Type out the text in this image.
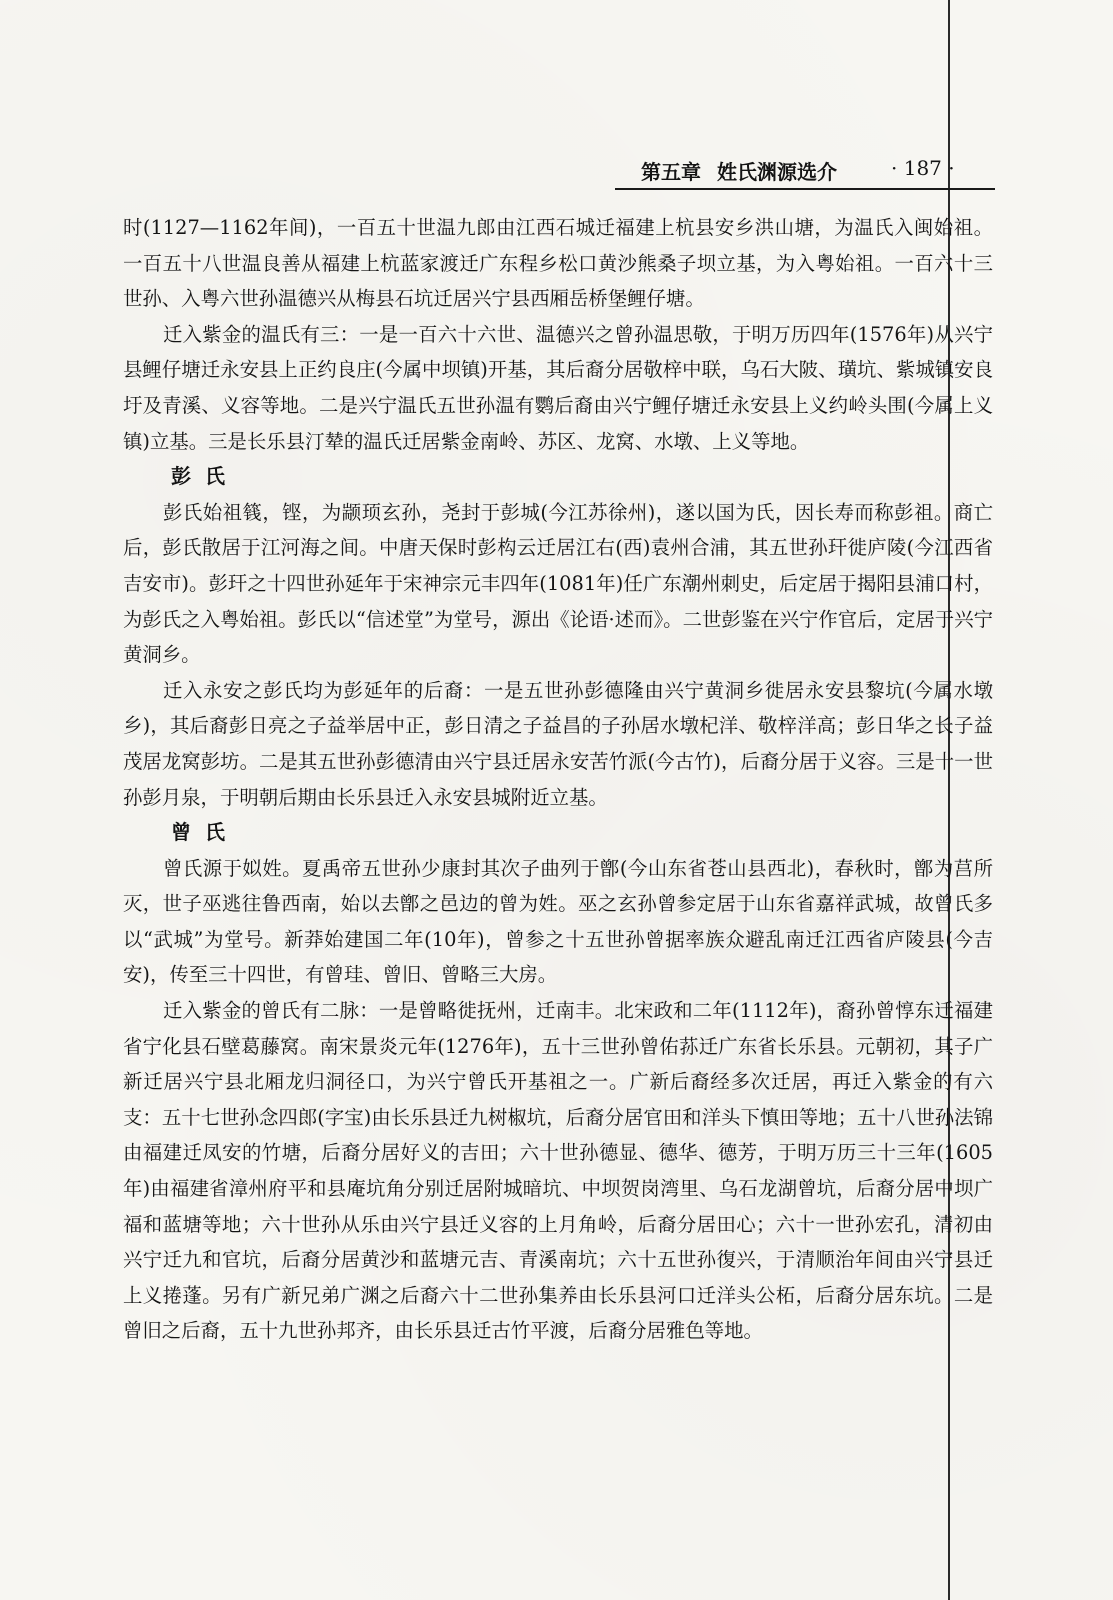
第五章 姓氏渊源选介	· 187 ·

时(1127—1162年间)，一百五十世温九郎由江西石城迁福建上杭县安乡洪山塘，为温氏入闽始祖。一百五十八世温良善从福建上杭蓝家渡迁广东程乡松口黄沙熊桑子坝立基，为入粤始祖。一百六十三世孙、入粤六世孙温德兴从梅县石坑迁居兴宁县西厢岳桥堡鲤仔塘。

迁入紫金的温氏有三：一是一百六十六世、温德兴之曾孙温思敬，于明万历四年(1576年)从兴宁县鲤仔塘迁永安县上正约良庄(今属中坝镇)开基，其后裔分居敬梓中联，乌石大陂、璜坑、紫城镇安良圩及青溪、义容等地。二是兴宁温氏五世孙温有鹦后裔由兴宁鲤仔塘迁永安县上义约岭头围(今属上义镇)立基。三是长乐县汀辇的温氏迁居紫金南岭、苏区、龙窝、水墩、上义等地。

彭氏

彭氏始祖篯，铿，为颛顼玄孙，尧封于彭城(今江苏徐州)，遂以国为氏，因长寿而称彭祖。商亡后，彭氏散居于江河海之间。中唐天保时彭构云迁居江右(西)袁州合浦，其五世孙玕徙庐陵(今江西省吉安市)。彭玕之十四世孙延年于宋神宗元丰四年(1081年)任广东潮州刺史，后定居于揭阳县浦口村，为彭氏之入粤始祖。彭氏以“信述堂”为堂号，源出《论语·述而》。二世彭鉴在兴宁作官后，定居于兴宁黄洞乡。

迁入永安之彭氏均为彭延年的后裔：一是五世孙彭德隆由兴宁黄洞乡徙居永安县黎坑(今属水墩乡)，其后裔彭日亮之子益举居中正，彭日清之子益昌的子孙居水墩杞洋、敬梓洋高；彭日华之长子益茂居龙窝彭坊。二是其五世孙彭德清由兴宁县迁居永安苦竹派(今古竹)，后裔分居于义容。三是十一世孙彭月泉，于明朝后期由长乐县迁入永安县城附近立基。

曾氏

曾氏源于姒姓。夏禹帝五世孙少康封其次子曲列于鄫(今山东省苍山县西北)，春秋时，鄫为莒所灭，世子巫逃往鲁西南，始以去鄫之邑边的曾为姓。巫之玄孙曾参定居于山东省嘉祥武城，故曾氏多以“武城”为堂号。新莽始建国二年(10年)，曾参之十五世孙曾据率族众避乱南迁江西省庐陵县(今吉安)，传至三十四世，有曾珪、曾旧、曾略三大房。

迁入紫金的曾氏有二脉：一是曾略徙抚州，迁南丰。北宋政和二年(1112年)，裔孙曾惇东迁福建省宁化县石壁葛藤窝。南宋景炎元年(1276年)，五十三世孙曾佑荪迁广东省长乐县。元朝初，其子广新迁居兴宁县北厢龙归洞径口，为兴宁曾氏开基祖之一。广新后裔经多次迁居，再迁入紫金的有六支：五十七世孙念四郎(字宝)由长乐县迁九树椒坑，后裔分居官田和洋头下慎田等地；五十八世孙法锦由福建迁凤安的竹塘，后裔分居好义的吉田；六十世孙德显、德华、德芳，于明万历三十三年(1605年)由福建省漳州府平和县庵坑角分别迁居附城暗坑、中坝贺岗湾里、乌石龙湖曾坑，后裔分居中坝广福和蓝塘等地；六十世孙从乐由兴宁县迁义容的上月角岭，后裔分居田心；六十一世孙宏孔，清初由兴宁迁九和官坑，后裔分居黄沙和蓝塘元吉、青溪南坑；六十五世孙復兴，于清顺治年间由兴宁县迁上义捲蓬。另有广新兄弟广渊之后裔六十二世孙集养由长乐县河口迁洋头公柘，后裔分居东坑。二是曾旧之后裔，五十九世孙邦齐，由长乐县迁古竹平渡，后裔分居雅色等地。
